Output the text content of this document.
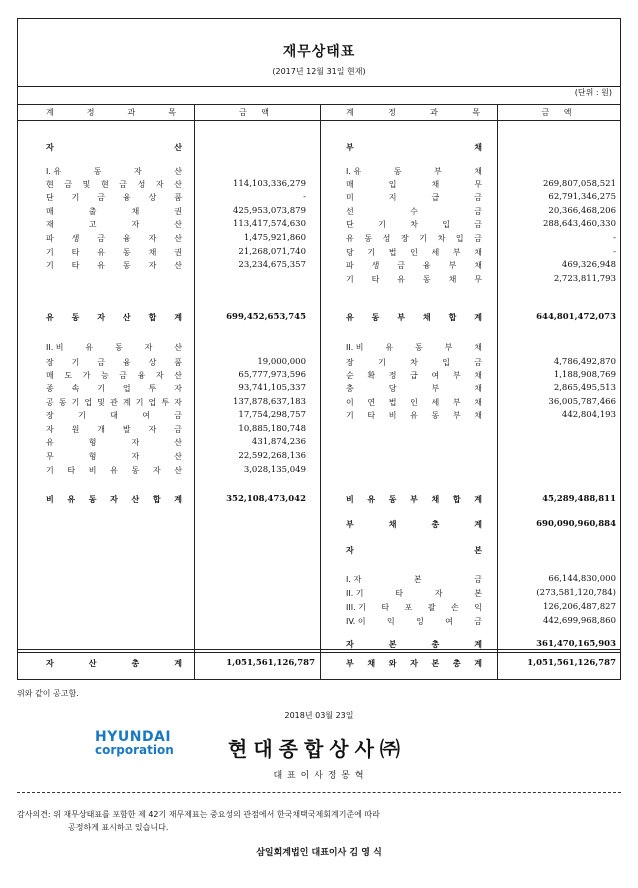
재무상태표
(2017년 12월 31일 현재)
(단위 : 원)
계	정	과	목	금 액	계	정	과	목	금 액
자	산
I. 유	동	자	산
현 금 및 현 금 성 자 산	114,103,336,279
단 기 금 융 상 품	-
매	출	채	권	425,953,073,879
재	고	자	산	113,417,574,630
파 생 금 융 자 산	1,475,921,860
기 타 유 동 채 권	21,268,071,740
기 타 유 동 자 산	23,234,675,357
유 동 자 산 합 계	699,452,653,745
II. 비	유	동	자	산
장 기 금 융 상 품	19,000,000
매 도 가 능 금 융 자 산	65,777,973,596
종 속 기 업 투 자	93,741,105,337
공 동 기 업 및 관 계 기 업 투 자	137,878,637,183
장	기	대	여	금	17,754,298,757
자 원 개 발 자 금	10,885,180,748
유	형	자	산	431,874,236
무	형	자	산	22,592,268,136
기 타 비 유 동 자 산	3,028,135,049
비 유 동 자 산 합 계	352,108,473,042
부	채
I. 유	동	부	채
매	입	채	무	269,807,058,521
미	지	급	금	62,791,346,275
선	수	금	20,366,468,206
단	기	차	입	금	288,643,460,330
유 동 성 장 기 차 입 금	-
당 기 법 인 세 부 채	-
파 생 금 융 부 채	469,326,948
기 타 유 동 채 무	2,723,811,793
유 동 부 채 합 계	644,801,472,073
II. 비	유	동	부	채
장	기	차	입	금	4,786,492,870
순 확 정 급 여 부 채	1,188,908,769
충	당	부	채	2,865,495,513
이 연 법 인 세 부 채	36,005,787,466
기 타 비 유 동 부 채	442,804,193
비 유 동 부 채 합 계	45,289,488,811
부	채	총	계	690,090,960,884
자	본
I. 자	본	금	66,144,830,000
II. 기	타	자	본	(273,581,120,784)
III. 기 타 포 괄 손 익	126,206,487,827
IV. 이	익	잉	여	금	442,699,968,860
자	본	총	계	361,470,165,903
자	산	총	계	1,051,561,126,787	부 채 와 자 본 총 계	1,051,561,126,787
위와 같이 공고함.
2018년 03월 23일
HYUNDAI
corporation	현대종합상사㈜
대 표 이 사 정 몽 혁
감사의견: 위 재무상태표를 포함한 제 42기 재무제표는 중요성의 관점에서 한국채택국제회계기준에 따라
공정하게 표시하고 있습니다.
삼일회계법인 대표이사 김 영 식
